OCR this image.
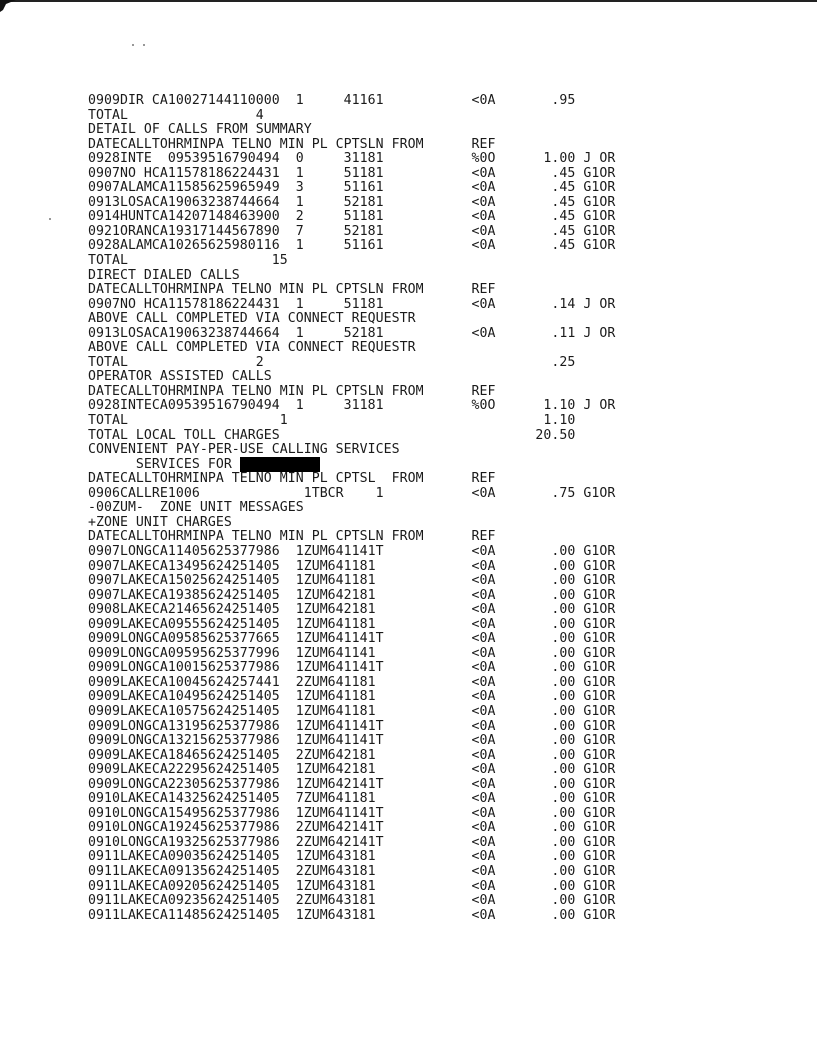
0909DIR CA10027144110000  1     41161           <0A       .95
TOTAL                4
DETAIL OF CALLS FROM SUMMARY
DATECALLTOHRMINPA TELNO MIN PL CPTSLN FROM      REF
0928INTE  09539516790494  0     31181           %0O      1.00 J OR
0907NO HCA11578186224431  1     51181           <0A       .45 G1OR
0907ALAMCA11585625965949  3     51161           <0A       .45 G1OR
0913LOSACA19063238744664  1     52181           <0A       .45 G1OR
0914HUNTCA14207148463900  2     51181           <0A       .45 G1OR
0921ORANCA19317144567890  7     52181           <0A       .45 G1OR
0928ALAMCA10265625980116  1     51161           <0A       .45 G1OR
TOTAL                  15
DIRECT DIALED CALLS
DATECALLTOHRMINPA TELNO MIN PL CPTSLN FROM      REF
0907NO HCA11578186224431  1     51181           <0A       .14 J OR
ABOVE CALL COMPLETED VIA CONNECT REQUESTR
0913LOSACA19063238744664  1     52181           <0A       .11 J OR
ABOVE CALL COMPLETED VIA CONNECT REQUESTR
TOTAL                2                                    .25
OPERATOR ASSISTED CALLS
DATECALLTOHRMINPA TELNO MIN PL CPTSLN FROM      REF
0928INTECA09539516790494  1     31181           %0O      1.10 J OR
TOTAL                   1                                1.10
TOTAL LOCAL TOLL CHARGES                                20.50
CONVENIENT PAY-PER-USE CALLING SERVICES
SERVICES FOR
DATECALLTOHRMINPA TELNO MIN PL CPTSL  FROM      REF
0906CALLRE1006             1TBCR    1           <0A       .75 G1OR
-00ZUM-  ZONE UNIT MESSAGES
+ZONE UNIT CHARGES
DATECALLTOHRMINPA TELNO MIN PL CPTSLN FROM      REF
0907LONGCA11405625377986  1ZUM641141T           <0A       .00 G1OR
0907LAKECA13495624251405  1ZUM641181            <0A       .00 G1OR
0907LAKECA15025624251405  1ZUM641181            <0A       .00 G1OR
0907LAKECA19385624251405  1ZUM642181            <0A       .00 G1OR
0908LAKECA21465624251405  1ZUM642181            <0A       .00 G1OR
0909LAKECA09555624251405  1ZUM641181            <0A       .00 G1OR
0909LONGCA09585625377665  1ZUM641141T           <0A       .00 G1OR
0909LONGCA09595625377996  1ZUM641141            <0A       .00 G1OR
0909LONGCA10015625377986  1ZUM641141T           <0A       .00 G1OR
0909LAKECA10045624257441  2ZUM641181            <0A       .00 G1OR
0909LAKECA10495624251405  1ZUM641181            <0A       .00 G1OR
0909LAKECA10575624251405  1ZUM641181            <0A       .00 G1OR
0909LONGCA13195625377986  1ZUM641141T           <0A       .00 G1OR
0909LONGCA13215625377986  1ZUM641141T           <0A       .00 G1OR
0909LAKECA18465624251405  2ZUM642181            <0A       .00 G1OR
0909LAKECA22295624251405  1ZUM642181            <0A       .00 G1OR
0909LONGCA22305625377986  1ZUM642141T           <0A       .00 G1OR
0910LAKECA14325624251405  7ZUM641181            <0A       .00 G1OR
0910LONGCA15495625377986  1ZUM641141T           <0A       .00 G1OR
0910LONGCA19245625377986  2ZUM642141T           <0A       .00 G1OR
0910LONGCA19325625377986  2ZUM642141T           <0A       .00 G1OR
0911LAKECA09035624251405  1ZUM643181            <0A       .00 G1OR
0911LAKECA09135624251405  2ZUM643181            <0A       .00 G1OR
0911LAKECA09205624251405  1ZUM643181            <0A       .00 G1OR
0911LAKECA09235624251405  2ZUM643181            <0A       .00 G1OR
0911LAKECA11485624251405  1ZUM643181            <0A       .00 G1OR
